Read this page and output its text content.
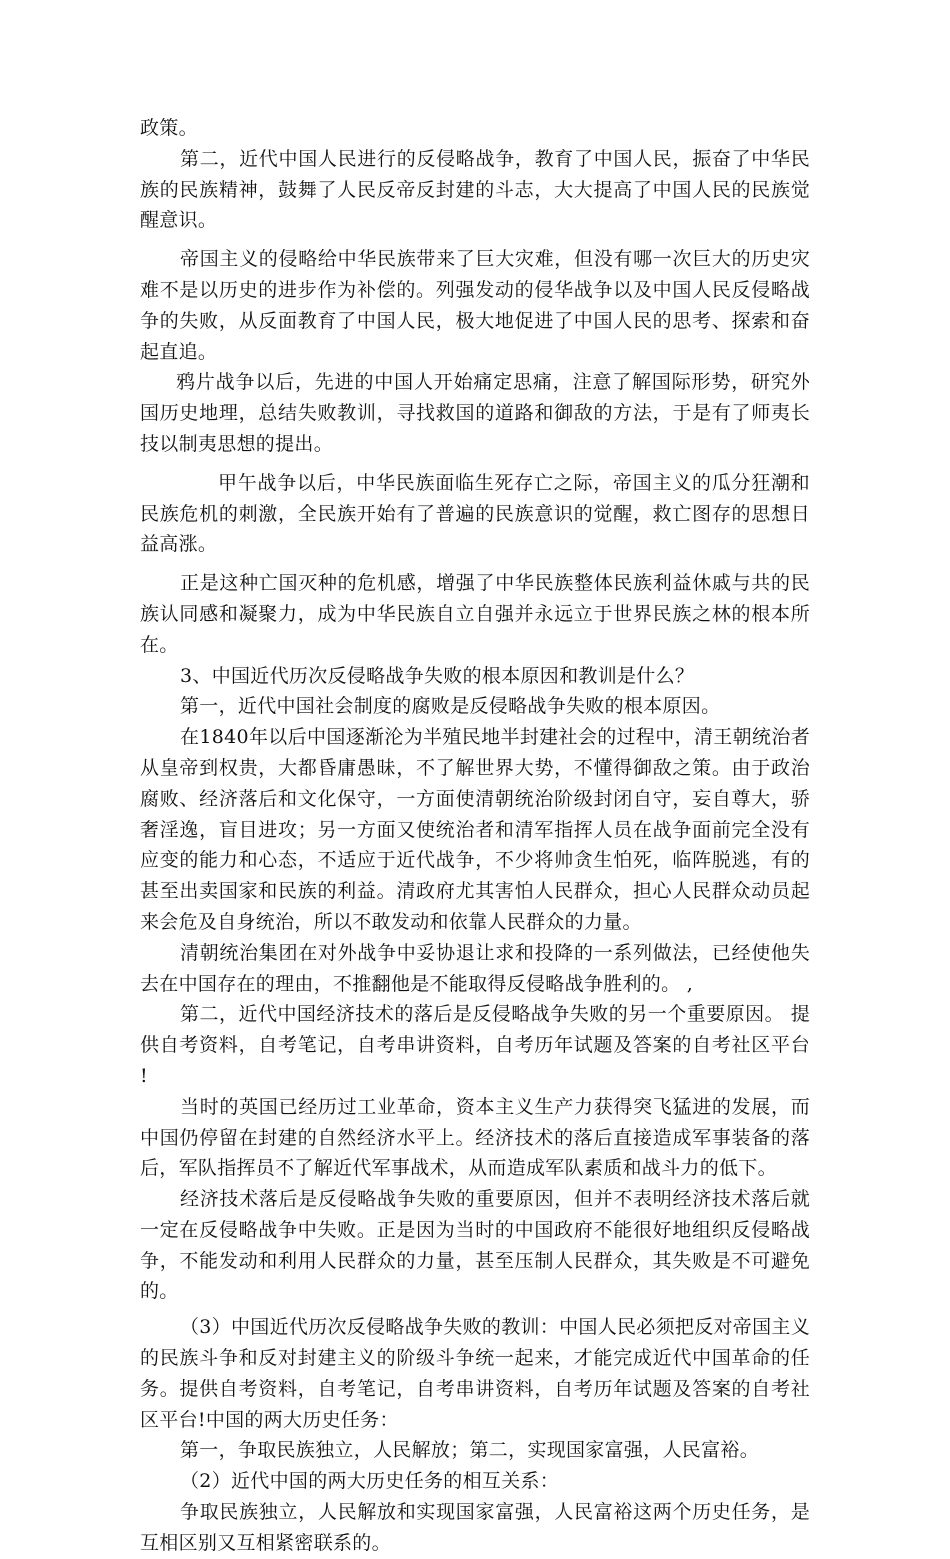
政策。

第二，近代中国人民进行的反侵略战争，教育了中国人民，振奋了中华民族的民族精神，鼓舞了人民反帝反封建的斗志，大大提高了中国人民的民族觉醒意识。

帝国主义的侵略给中华民族带来了巨大灾难，但没有哪一次巨大的历史灾难不是以历史的进步作为补偿的。列强发动的侵华战争以及中国人民反侵略战争的失败，从反面教育了中国人民，极大地促进了中国人民的思考、探索和奋起直追。

鸦片战争以后，先进的中国人开始痛定思痛，注意了解国际形势，研究外国历史地理，总结失败教训，寻找救国的道路和御敌的方法，于是有了师夷长技以制夷思想的提出。

甲午战争以后，中华民族面临生死存亡之际，帝国主义的瓜分狂潮和民族危机的刺激，全民族开始有了普遍的民族意识的觉醒，救亡图存的思想日益高涨。

正是这种亡国灭种的危机感，增强了中华民族整体民族利益休戚与共的民族认同感和凝聚力，成为中华民族自立自强并永远立于世界民族之林的根本所在。

3、中国近代历次反侵略战争失败的根本原因和教训是什么？

第一，近代中国社会制度的腐败是反侵略战争失败的根本原因。

在1840年以后中国逐渐沦为半殖民地半封建社会的过程中，清王朝统治者从皇帝到权贵，大都昏庸愚昧，不了解世界大势，不懂得御敌之策。由于政治腐败、经济落后和文化保守，一方面使清朝统治阶级封闭自守，妄自尊大，骄奢淫逸，盲目进攻；另一方面又使统治者和清军指挥人员在战争面前完全没有应变的能力和心态，不适应于近代战争，不少将帅贪生怕死，临阵脱逃，有的甚至出卖国家和民族的利益。清政府尤其害怕人民群众，担心人民群众动员起来会危及自身统治，所以不敢发动和依靠人民群众的力量。

清朝统治集团在对外战争中妥协退让求和投降的一系列做法，已经使他失去在中国存在的理由，不推翻他是不能取得反侵略战争胜利的。 ,

第二，近代中国经济技术的落后是反侵略战争失败的另一个重要原因。 提供自考资料，自考笔记，自考串讲资料，自考历年试题及答案的自考社区平台 !

当时的英国已经历过工业革命，资本主义生产力获得突飞猛进的发展，而中国仍停留在封建的自然经济水平上。经济技术的落后直接造成军事装备的落后，军队指挥员不了解近代军事战术，从而造成军队素质和战斗力的低下。

经济技术落后是反侵略战争失败的重要原因，但并不表明经济技术落后就一定在反侵略战争中失败。正是因为当时的中国政府不能很好地组织反侵略战争，不能发动和利用人民群众的力量，甚至压制人民群众，其失败是不可避免的。

（3）中国近代历次反侵略战争失败的教训：中国人民必须把反对帝国主义的民族斗争和反对封建主义的阶级斗争统一起来，才能完成近代中国革命的任务。提供自考资料，自考笔记，自考串讲资料，自考历年试题及答案的自考社区平台!中国的两大历史任务：

第一，争取民族独立，人民解放；第二，实现国家富强，人民富裕。

（2）近代中国的两大历史任务的相互关系：

争取民族独立，人民解放和实现国家富强，人民富裕这两个历史任务，是互相区别又互相紧密联系的。
